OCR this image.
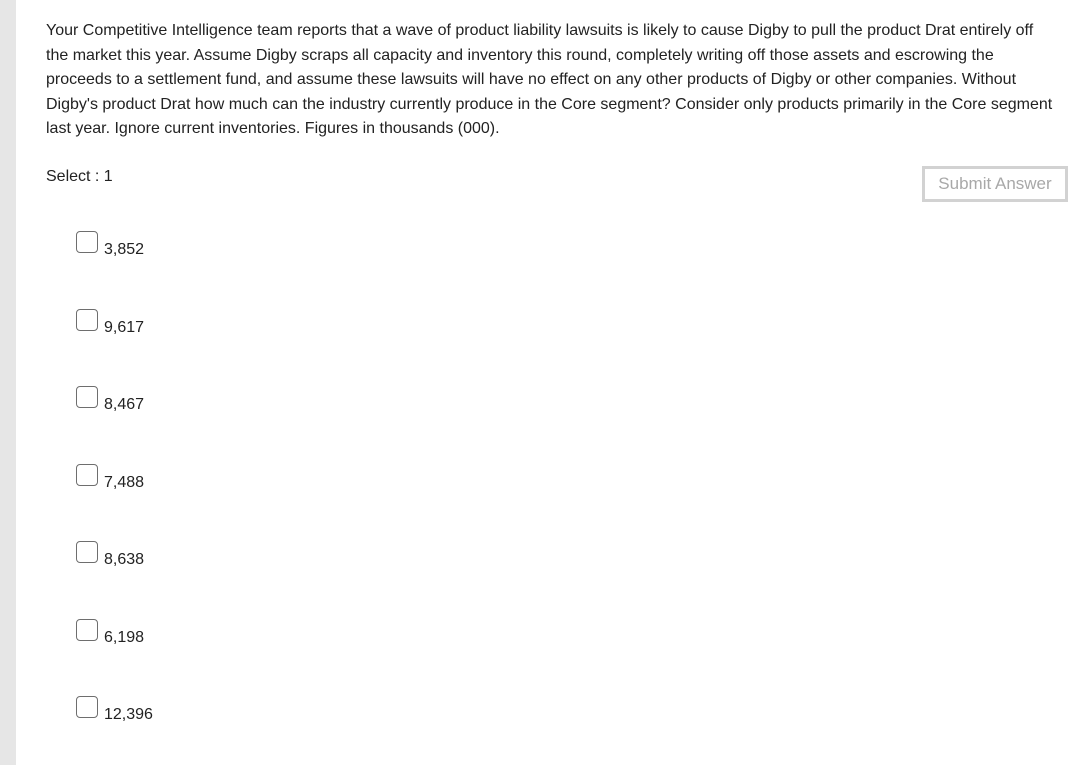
Your Competitive Intelligence team reports that a wave of product liability lawsuits is likely to cause Digby to pull the product Drat entirely off the market this year. Assume Digby scraps all capacity and inventory this round, completely writing off those assets and escrowing the proceeds to a settlement fund, and assume these lawsuits will have no effect on any other products of Digby or other companies. Without Digby's product Drat how much can the industry currently produce in the Core segment? Consider only products primarily in the Core segment last year. Ignore current inventories. Figures in thousands (000).

Select : 1	Submit Answer
3,852
9,617
8,467
7,488
8,638
6,198
12,396
